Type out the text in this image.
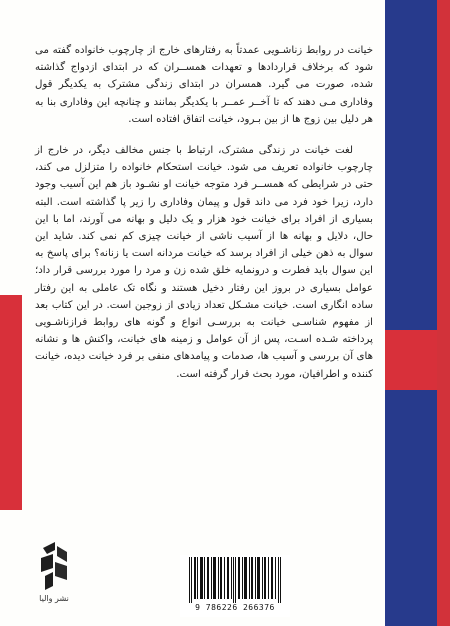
خیانت در روابط زناشـویی عمدتاً به رفتارهای خارج از چارچوب خانواده گفته می شود که برخلاف قراردادها و تعهدات همســران که در ابتدای ازدواج گذاشته شده، صورت می گیرد. همسران در ابتدای زندگی مشترک به یکدیگر قول وفاداری مـی دهند که تا آخــر عمــر با یکدیگر بمانند و چنانچه این وفاداری بنا به هر دلیل بین زوج ها از بین بـرود، خیانت اتفاق افتاده است.

لغت خیانت در زندگی مشترک، ارتباط با جنس مخالف دیگر، در خارج از چارچوب خانواده تعریف می شود. خیانت استحکام خانواده را متزلزل می کند، حتی در شرایطی که همســر فرد متوجه خیانت او نشـود باز هم این آسیب وجود دارد، زیرا خود فرد می داند قول و پیمان وفاداری را زیر پا گذاشته است. البته بسیاری از افراد برای خیانت خود هزار و یک دلیل و بهانه می آورند، اما با این حال، دلایل و بهانه ها از آسیب ناشی از خیانت چیزی کم نمی کند. شاید این سوال به ذهن خیلی از افراد برسد که خیانت مردانه است یا زنانه؟ برای پاسخ به این سوال باید فطرت و درونمایه خلق شده زن و مرد را مورد بررسی قرار داد؛ عوامل بسیاری در بروز این رفتار دخیل هستند و نگاه تک عاملی به این رفتار ساده انگاری است. خیانت مشـکل تعداد زیادی از زوجین است. در این کتاب بعد از مفهوم شناسـی خیانت به بررسـی انواع و گونه های روابط فرازناشـویی پرداخته شـده اسـت، پس از آن عوامل و زمینه های خیانت، واکنش ها و نشانه های آن بررسی و آسیب ها، صدمات و پیامدهای منفی بر فرد خیانت دیده، خیانت کننده و اطرافیان، مورد بحث قرار گرفته است.

نشر والیا
9 786226 266376
